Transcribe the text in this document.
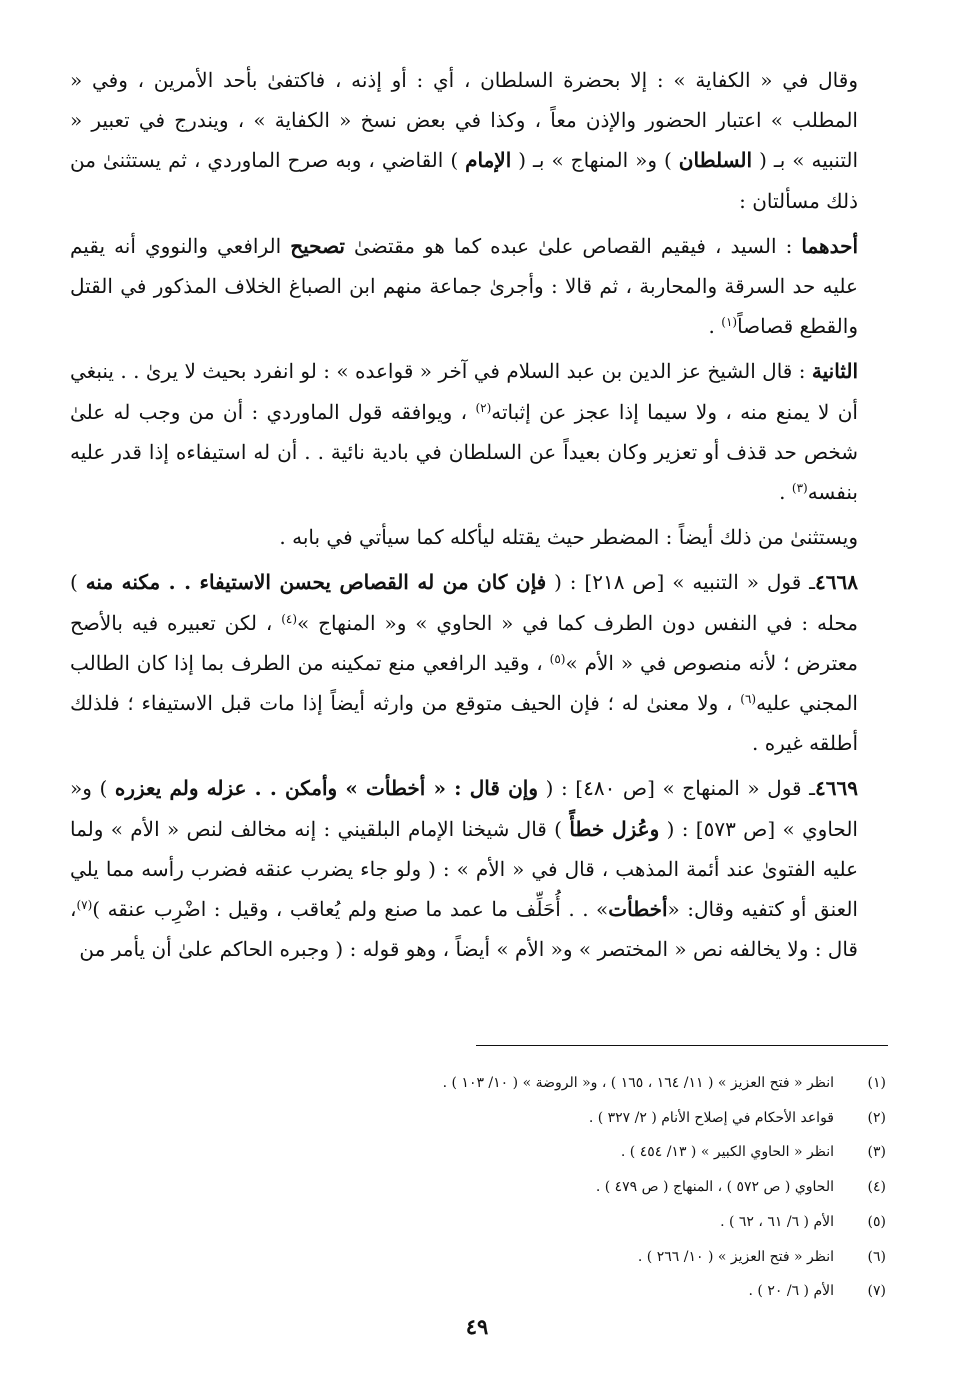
وقال في « الكفاية » : إلا بحضرة السلطان ، أي : أو إذنه ، فاكتفىٰ بأحد الأمرين ، وفي « المطلب » اعتبار الحضور والإذن معاً ، وكذا في بعض نسخ « الكفاية » ، ويندرج في تعبير « التنبيه » بـ ( السلطان ) و« المنهاج » بـ ( الإمام ) القاضي ، وبه صرح الماوردي ، ثم يستثنىٰ من ذلك مسألتان :

أحدهما : السيد ، فيقيم القصاص علىٰ عبده كما هو مقتضىٰ تصحيح الرافعي والنووي أنه يقيم عليه حد السرقة والمحاربة ، ثم قالا : وأجرىٰ جماعة منهم ابن الصباغ الخلاف المذكور في القتل والقطع قصاصاً$^{(١)}$ .

الثانية : قال الشيخ عز الدين بن عبد السلام في آخر « قواعده » : لو انفرد بحيث لا يرىٰ . . ينبغي أن لا يمنع منه ، ولا سيما إذا عجز عن إثباته$^{(٢)}$ ، ويوافقه قول الماوردي : أن من وجب له علىٰ شخص حد قذف أو تعزير وكان بعيداً عن السلطان في بادية نائية . . أن له استيفاءه إذا قدر عليه بنفسه$^{(٣)}$ .

ويستثنىٰ من ذلك أيضاً : المضطر حيث يقتله ليأكله كما سيأتي في بابه .

٤٦٦٨ـ قول « التنبيه » [ص ٢١٨] : ( فإن كان من له القصاص يحسن الاستيفاء . . مكنه منه ) محله : في النفس دون الطرف كما في « الحاوي » و« المنهاج »$^{(٤)}$ ، لكن تعبيره فيه بالأصح معترض ؛ لأنه منصوص في « الأم »$^{(٥)}$ ، وقيد الرافعي منع تمكينه من الطرف بما إذا كان الطالب المجني عليه$^{(٦)}$ ، ولا معنىٰ له ؛ فإن الحيف متوقع من وارثه أيضاً إذا مات قبل الاستيفاء ؛ فلذلك أطلقه غيره .

٤٦٦٩ـ قول « المنهاج » [ص ٤٨٠] : ( وإن قال : « أخطأت » وأمكن . . عزله ولم يعزره ) و« الحاوي » [ص ٥٧٣] : ( وعُزل خطأً ) قال شيخنا الإمام البلقيني : إنه مخالف لنص « الأم » ولما عليه الفتوىٰ عند أئمة المذهب ، قال في « الأم » : ( ولو جاء يضرب عنقه فضرب رأسه مما يلي العنق أو كتفيه وقال: «أخطأت» . . أُحَلِّف ما عمد ما صنع ولم يُعاقب ، وقيل : اضْرِب عنقه )$^{(٧)}$، قال : ولا يخالفه نص « المختصر » و« الأم » أيضاً ، وهو قوله : ( وجبره الحاكم علىٰ أن يأمر من

(١)
انظر « فتح العزيز » ( ١١/ ١٦٤ ، ١٦٥ ) ، و« الروضة » ( ١٠/ ١٠٣ ) .
(٢)
قواعد الأحكام في إصلاح الأنام ( ٢/ ٣٢٧ ) .
(٣)
انظر « الحاوي الكبير » ( ١٣/ ٤٥٤ ) .
(٤)
الحاوي ( ص ٥٧٢ ) ، المنهاج ( ص ٤٧٩ ) .
(٥)
الأم ( ٦/ ٦١ ، ٦٢ ) .
(٦)
انظر « فتح العزيز » ( ١٠/ ٢٦٦ ) .
(٧)
الأم ( ٦/ ٢٠ ) .
٤٩
